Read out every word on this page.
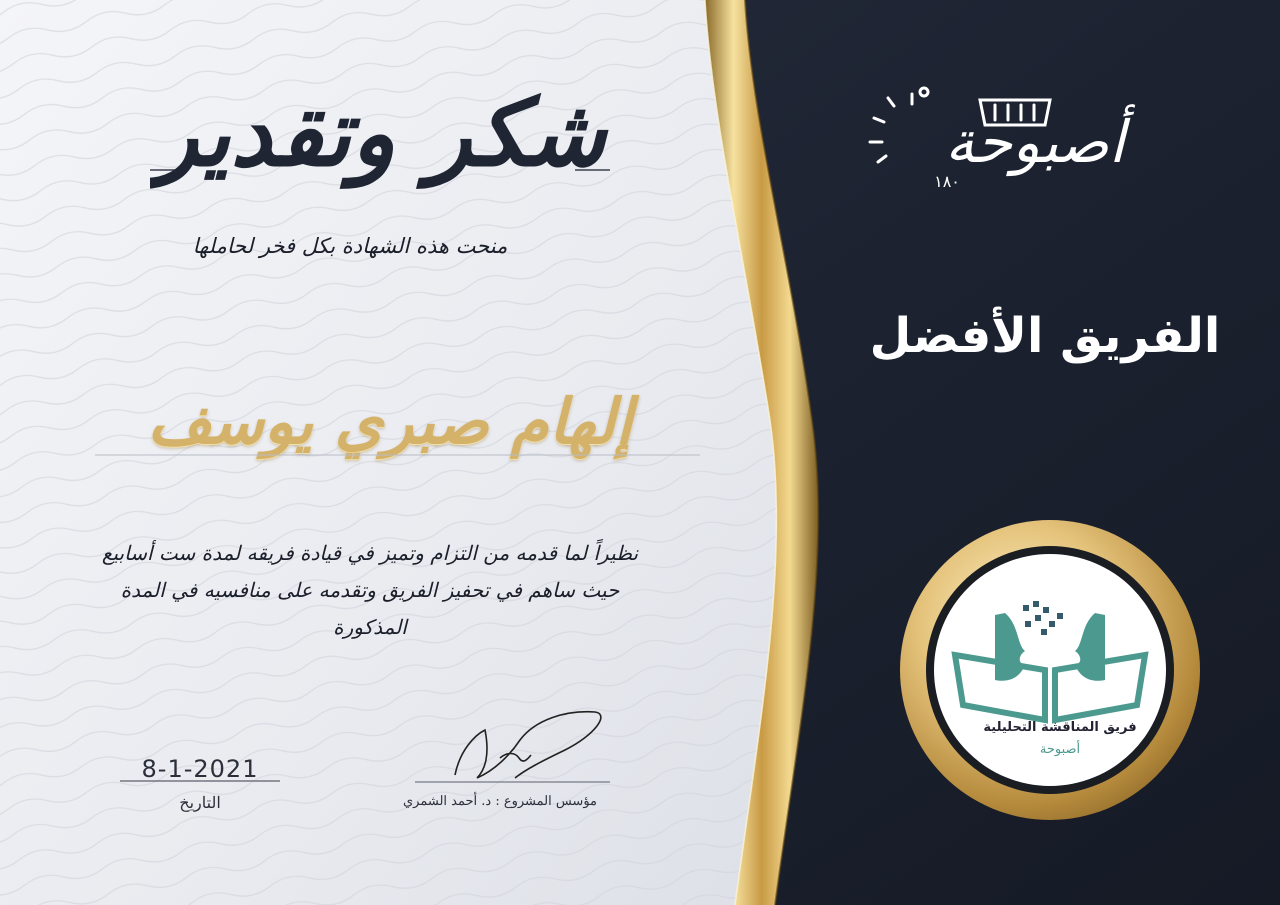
شكر وتقدير
منحت هذه الشهادة بكل فخر لحاملها
إلهام صبري يوسف
نظيراً لما قدمه من التزام وتميز في قيادة فريقه لمدة ست أسابيع
حيث ساهم في تحفيز الفريق وتقدمه على منافسيه في المدة
المذكورة
8-1-2021
التاريخ	مؤسس المشروع : د. أحمد الشمري
أصبوحة
١٨٠
الفريق الأفضل
فريق المناقشة التحليلية
أصبوحة
